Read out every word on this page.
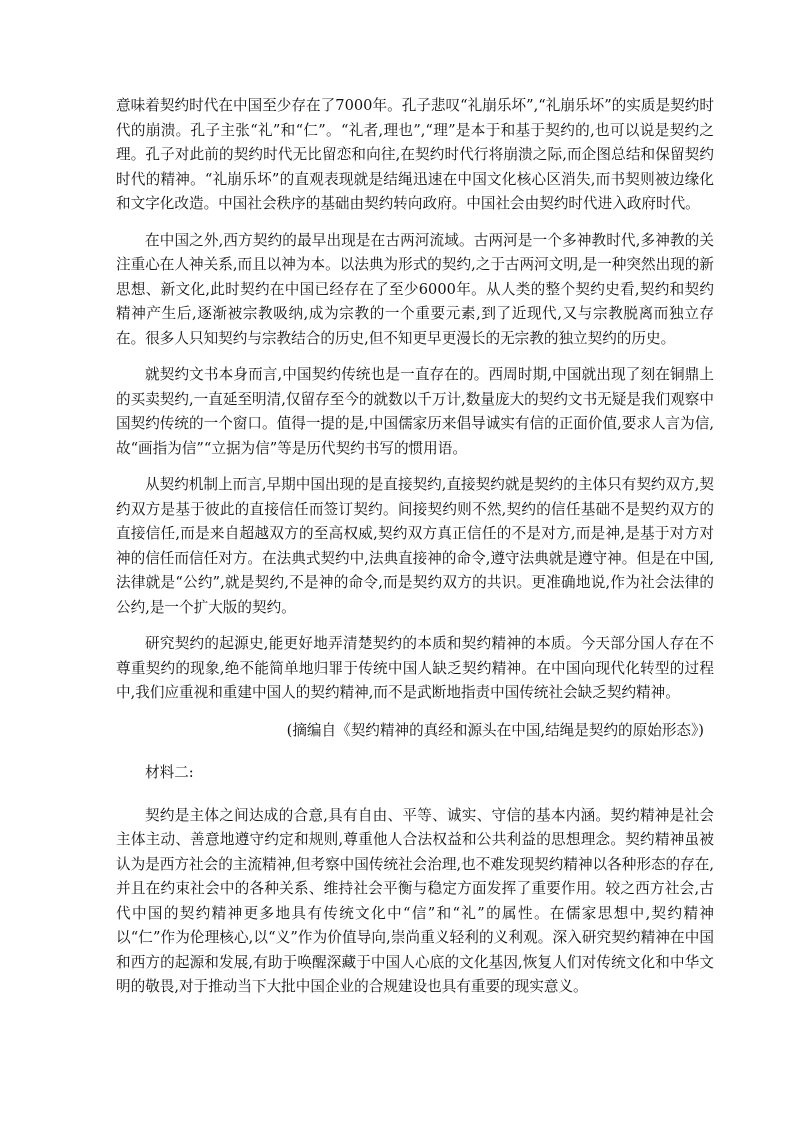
意味着契约时代在中国至少存在了7000年。孔子悲叹“礼崩乐坏”,“礼崩乐坏”的实质是契约时代的崩溃。孔子主张“礼”和“仁”。“礼者,理也”,“理”是本于和基于契约的,也可以说是契约之理。孔子对此前的契约时代无比留恋和向往,在契约时代行将崩溃之际,而企图总结和保留契约时代的精神。“礼崩乐坏”的直观表现就是结绳迅速在中国文化核心区消失,而书契则被边缘化和文字化改造。中国社会秩序的基础由契约转向政府。中国社会由契约时代进入政府时代。

在中国之外,西方契约的最早出现是在古两河流域。古两河是一个多神教时代,多神教的关注重心在人神关系,而且以神为本。以法典为形式的契约,之于古两河文明,是一种突然出现的新思想、新文化,此时契约在中国已经存在了至少6000年。从人类的整个契约史看,契约和契约精神产生后,逐渐被宗教吸纳,成为宗教的一个重要元素,到了近现代,又与宗教脱离而独立存在。很多人只知契约与宗教结合的历史,但不知更早更漫长的无宗教的独立契约的历史。

就契约文书本身而言,中国契约传统也是一直存在的。西周时期,中国就出现了刻在铜鼎上的买卖契约,一直延至明清,仅留存至今的就数以千万计,数量庞大的契约文书无疑是我们观察中国契约传统的一个窗口。值得一提的是,中国儒家历来倡导诚实有信的正面价值,要求人言为信,故“画指为信”“立据为信”等是历代契约书写的惯用语。

从契约机制上而言,早期中国出现的是直接契约,直接契约就是契约的主体只有契约双方,契约双方是基于彼此的直接信任而签订契约。间接契约则不然,契约的信任基础不是契约双方的直接信任,而是来自超越双方的至高权威,契约双方真正信任的不是对方,而是神,是基于对方对神的信任而信任对方。在法典式契约中,法典直接神的命令,遵守法典就是遵守神。但是在中国,法律就是“公约”,就是契约,不是神的命令,而是契约双方的共识。更准确地说,作为社会法律的公约,是一个扩大版的契约。

研究契约的起源史,能更好地弄清楚契约的本质和契约精神的本质。今天部分国人存在不尊重契约的现象,绝不能简单地归罪于传统中国人缺乏契约精神。在中国向现代化转型的过程中,我们应重视和重建中国人的契约精神,而不是武断地指责中国传统社会缺乏契约精神。

(摘编自《契约精神的真经和源头在中国,结绳是契约的原始形态》)

材料二:

契约是主体之间达成的合意,具有自由、平等、诚实、守信的基本内涵。契约精神是社会主体主动、善意地遵守约定和规则,尊重他人合法权益和公共利益的思想理念。契约精神虽被认为是西方社会的主流精神,但考察中国传统社会治理,也不难发现契约精神以各种形态的存在,并且在约束社会中的各种关系、维持社会平衡与稳定方面发挥了重要作用。较之西方社会,古代中国的契约精神更多地具有传统文化中“信”和“礼”的属性。在儒家思想中,契约精神以“仁”作为伦理核心,以“义”作为价值导向,崇尚重义轻利的义利观。深入研究契约精神在中国和西方的起源和发展,有助于唤醒深藏于中国人心底的文化基因,恢复人们对传统文化和中华文明的敬畏,对于推动当下大批中国企业的合规建设也具有重要的现实意义。
